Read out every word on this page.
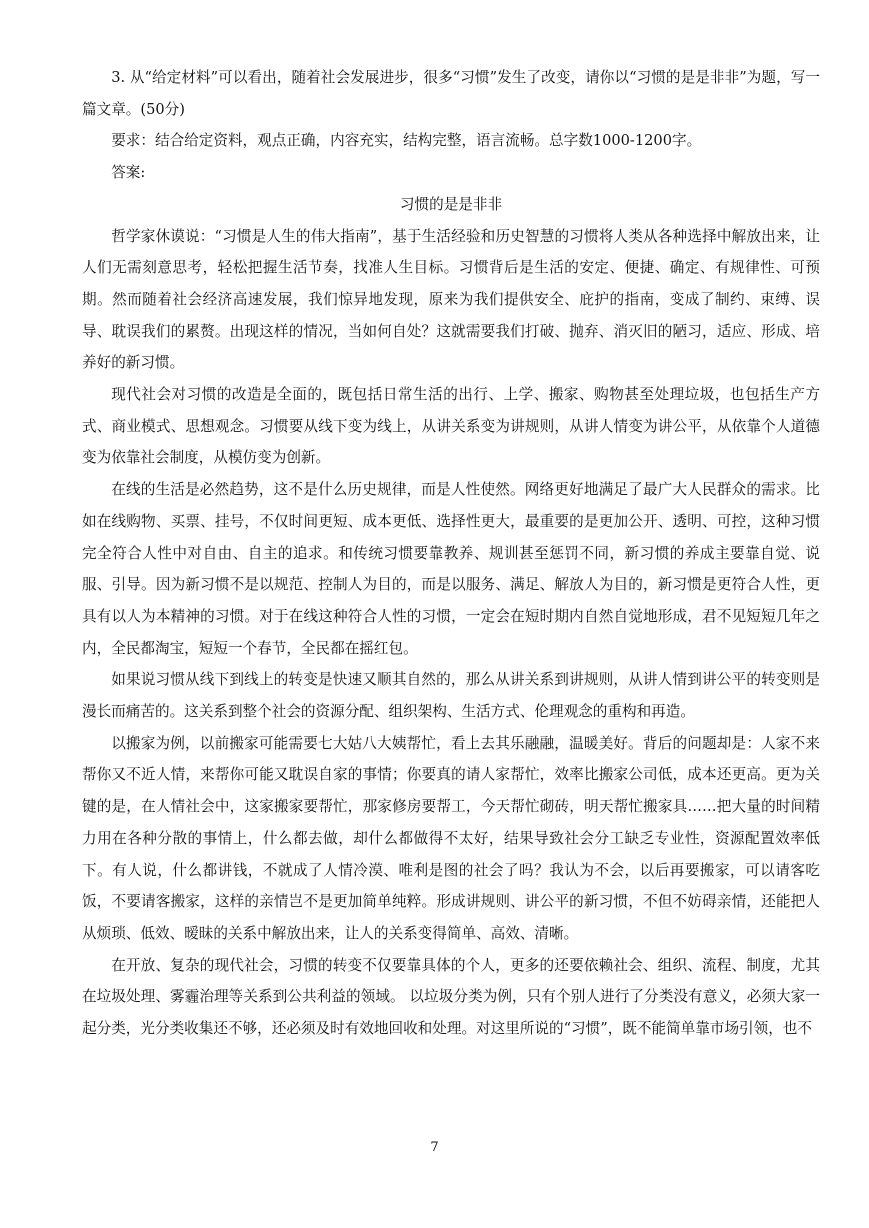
3. 从“给定材料”可以看出，随着社会发展进步，很多“习惯”发生了改变，请你以“习惯的是是非非”为题，写一篇文章。(50分)

要求：结合给定资料，观点正确，内容充实，结构完整，语言流畅。总字数1000-1200字。

答案:

习惯的是是非非

哲学家休谟说：“习惯是人生的伟大指南”，基于生活经验和历史智慧的习惯将人类从各种选择中解放出来，让人们无需刻意思考，轻松把握生活节奏，找准人生目标。习惯背后是生活的安定、便捷、确定、有规律性、可预期。然而随着社会经济高速发展，我们惊异地发现，原来为我们提供安全、庇护的指南，变成了制约、束缚、误导、耽误我们的累赘。出现这样的情况，当如何自处？这就需要我们打破、抛弃、消灭旧的陋习，适应、形成、培养好的新习惯。

现代社会对习惯的改造是全面的，既包括日常生活的出行、上学、搬家、购物甚至处理垃圾，也包括生产方式、商业模式、思想观念。习惯要从线下变为线上，从讲关系变为讲规则，从讲人情变为讲公平，从依靠个人道德变为依靠社会制度，从模仿变为创新。

在线的生活是必然趋势，这不是什么历史规律，而是人性使然。网络更好地满足了最广大人民群众的需求。比如在线购物、买票、挂号，不仅时间更短、成本更低、选择性更大，最重要的是更加公开、透明、可控，这种习惯完全符合人性中对自由、自主的追求。和传统习惯要靠教养、规训甚至惩罚不同，新习惯的养成主要靠自觉、说服、引导。因为新习惯不是以规范、控制人为目的，而是以服务、满足、解放人为目的，新习惯是更符合人性，更具有以人为本精神的习惯。对于在线这种符合人性的习惯，一定会在短时期内自然自觉地形成，君不见短短几年之内，全民都淘宝，短短一个春节，全民都在摇红包。

如果说习惯从线下到线上的转变是快速又顺其自然的，那么从讲关系到讲规则，从讲人情到讲公平的转变则是漫长而痛苦的。这关系到整个社会的资源分配、组织架构、生活方式、伦理观念的重构和再造。

以搬家为例，以前搬家可能需要七大姑八大姨帮忙，看上去其乐融融，温暖美好。背后的问题却是：人家不来帮你又不近人情，来帮你可能又耽误自家的事情；你要真的请人家帮忙，效率比搬家公司低，成本还更高。更为关键的是，在人情社会中，这家搬家要帮忙，那家修房要帮工，今天帮忙砌砖，明天帮忙搬家具……把大量的时间精力用在各种分散的事情上，什么都去做，却什么都做得不太好，结果导致社会分工缺乏专业性，资源配置效率低下。有人说，什么都讲钱，不就成了人情冷漠、唯利是图的社会了吗？我认为不会，以后再要搬家，可以请客吃饭，不要请客搬家，这样的亲情岂不是更加简单纯粹。形成讲规则、讲公平的新习惯，不但不妨碍亲情，还能把人从烦琐、低效、暧昧的关系中解放出来，让人的关系变得简单、高效、清晰。

在开放、复杂的现代社会，习惯的转变不仅要靠具体的个人，更多的还要依赖社会、组织、流程、制度，尤其在垃圾处理、雾霾治理等关系到公共利益的领域。 以垃圾分类为例，只有个别人进行了分类没有意义，必须大家一起分类，光分类收集还不够，还必须及时有效地回收和处理。对这里所说的“习惯”，既不能简单靠市场引领，也不

7
